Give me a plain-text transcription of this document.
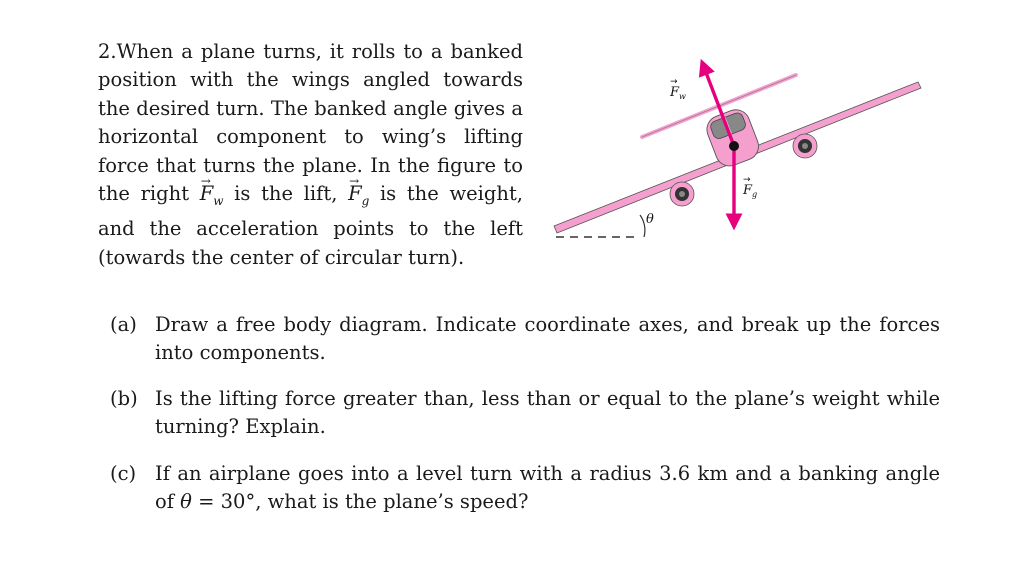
2.When a plane turns, it rolls to a banked position with the wings angled towards the desired turn. The banked angle gives a horizontal component to wing’s lifting force that turns the plane. In the figure to the right → $F_w$ is the lift, → $F_g$ is the weight, and the acceleration points to the left (towards the center of circular turn).

$F_w$
→
$F_g$
→
θ
(a) Draw a free body diagram. Indicate coordinate axes, and break up the forces into components.
(b) Is the lifting force greater than, less than or equal to the plane’s weight while turning? Explain.
(c) If an airplane goes into a level turn with a radius 3.6 km and a banking angle of θ = 30°, what is the plane’s speed?
